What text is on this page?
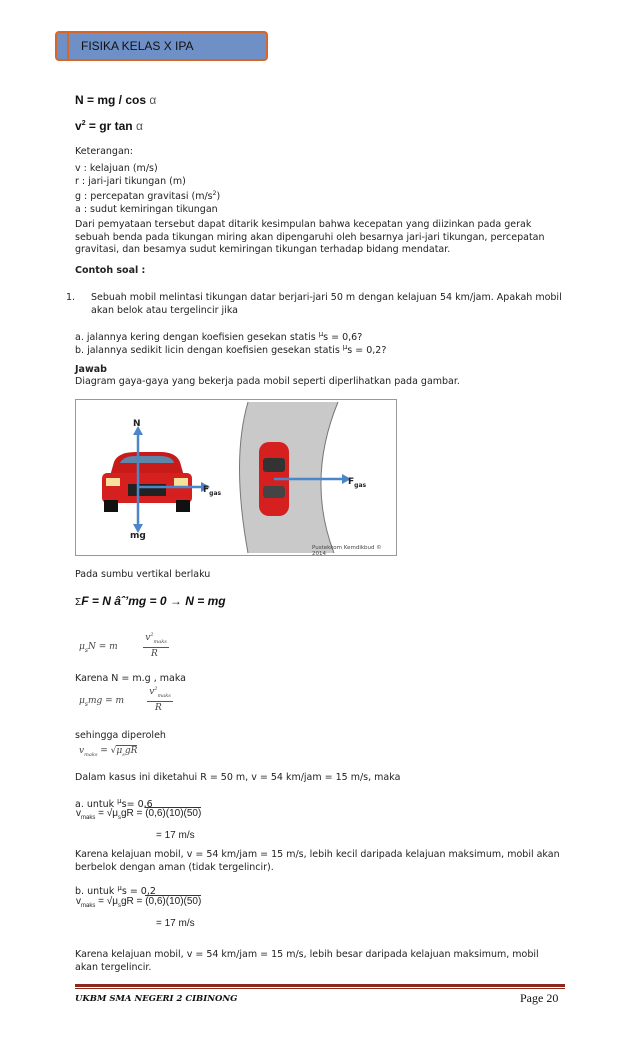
FISIKA KELAS X IPA
N = mg / cos α
$v^2$ = gr tan α
Keterangan:
v : kelajuan (m/s)
r : jari-jari tikungan (m)
g : percepatan gravitasi $(m/s^2)$
a : sudut kemiringan tikungan
Dari pemyataan tersebut dapat ditarik kesimpulan bahwa kecepatan yang diizinkan pada gerak
sebuah benda pada tikungan miring akan dipengaruhi oleh besarnya jari-jari tikungan, percepatan
gravitasi, dan besamya sudut kemiringan tikungan terhadap bidang mendatar.
Contoh soal :
1. Sebuah mobil melintasi tikungan datar berjari-jari 50 m dengan kelajuan 54 km/jam. Apakah mobil
akan belok atau tergelincir jika
a. jalannya kering dengan koefisien gesekan statis $^\mu$s = 0,6?
b. jalannya sedikit licin dengan koefisien gesekan statis $^\mu$s = 0,2?
Jawab
Diagram gaya-gaya yang bekerja pada mobil seperti diperlihatkan pada gambar.
N
mg
$F_{gas}$
$F_{gas}$
Pustekkom Kemdikbud © 2014
Pada sumbu vertikal berlaku
ΣF = N âˆ’mg = 0 → N = mg
$\mu_sN = m$
$v^2_{maks}$
R
Karena N = m.g , maka
$\mu_smg = m$
$v^2_{maks}$
R
sehingga diperoleh
$v_{maks} = √\mu_sgR$
Dalam kasus ini diketahui R = 50 m, v = 54 km/jam = 15 m/s, maka
a. untuk $^\mu$s= 0,6
$v_{maks} = √\mu_sgR = (0,6)(10)(50)$
= 17 m/s
Karena kelajuan mobil, v = 54 km/jam = 15 m/s, lebih kecil daripada kelajuan maksimum, mobil akan
berbelok dengan aman (tidak tergelincir).
b. untuk $^\mu$s = 0,2
$v_{maks} = √\mu_sgR = (0,6)(10)(50)$
= 17 m/s
Karena kelajuan mobil, v = 54 km/jam = 15 m/s, lebih besar daripada kelajuan maksimum, mobil
akan tergelincir.
UKBM SMA NEGERI 2 CIBINONG	Page 20
